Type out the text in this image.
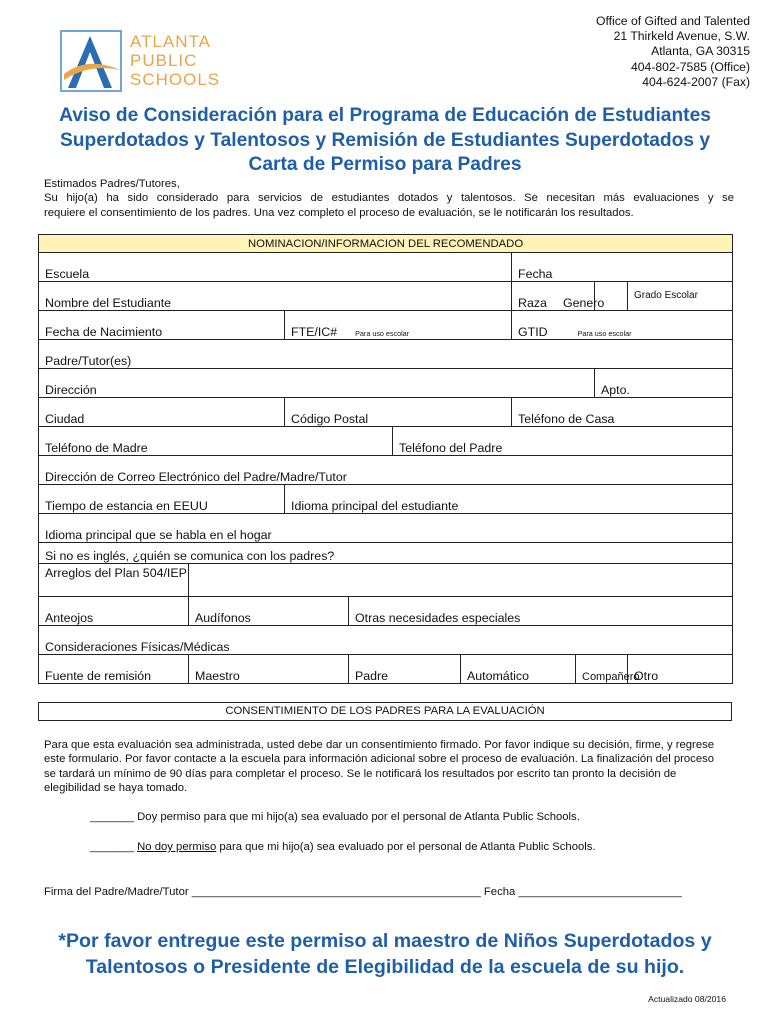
ATLANTA
PUBLIC
SCHOOLS
Office of Gifted and Talented
21 Thirkeld Avenue, S.W.
Atlanta, GA 30315
404-802-7585 (Office)
404-624-2007 (Fax)
Aviso de Consideración para el Programa de Educación de Estudiantes
Superdotados y Talentosos y Remisión de Estudiantes Superdotados y
Carta de Permiso para Padres

Estimados Padres/Tutores,

Su hijo(a) ha sido considerado para servicios de estudiantes dotados y talentosos. Se necesitan más evaluaciones y se

requiere el consentimiento de los padres. Una vez completo el proceso de evaluación, se le notificarán los resultados.

NOMINACION/INFORMACION DEL RECOMENDADO									
Escuela						Fecha			
Nombre del Estudiante						Raza		Genero	Grado Escolar
Fecha de Nacimiento		FTE/IC# Para uso escolar				GTID Para uso escolar			
Padre/Tutor(es)									
Dirección								Apto.	
Ciudad		Código Postal				Teléfono de Casa			
Teléfono de Madre				Teléfono del Padre					
Dirección de Correo Electrónico del Padre/Madre/Tutor									
Tiempo de estancia en EEUU		Idioma principal del estudiante							
Idioma principal que se habla en el hogar									
Si no es inglés, ¿quién se comunica con los padres?									
Arreglos del Plan 504/IEP									
Anteojos	Audífonos		Otras necesidades especiales						
Consideraciones Físicas/Médicas									
Fuente de remisión	Maestro		Padre		Automático		Compañero		Otro
CONSENTIMIENTO DE LOS PADRES PARA LA EVALUACIÓN

Para que esta evaluación sea administrada, usted debe dar un consentimiento firmado. Por favor indique su decisión, firme, y regrese este formulario. Por favor contacte a la escuela para información adicional sobre el proceso de evaluación. La finalización del proceso se tardará un mínimo de 90 días para completar el proceso. Se le notificará los resultados por escrito tan pronto la decisión de elegibilidad se haya tomado.

_______ Doy permiso para que mi hijo(a) sea evaluado por el personal de Atlanta Public Schools.
_______ No doy permiso para que mi hijo(a) sea evaluado por el personal de Atlanta Public Schools.
Firma del Padre/Madre/Tutor ______________________________________________ Fecha __________________________
*Por favor entregue este permiso al maestro de Niños Superdotados y
Talentosos o Presidente de Elegibilidad de la escuela de su hijo.
Actualizado 08/2016
